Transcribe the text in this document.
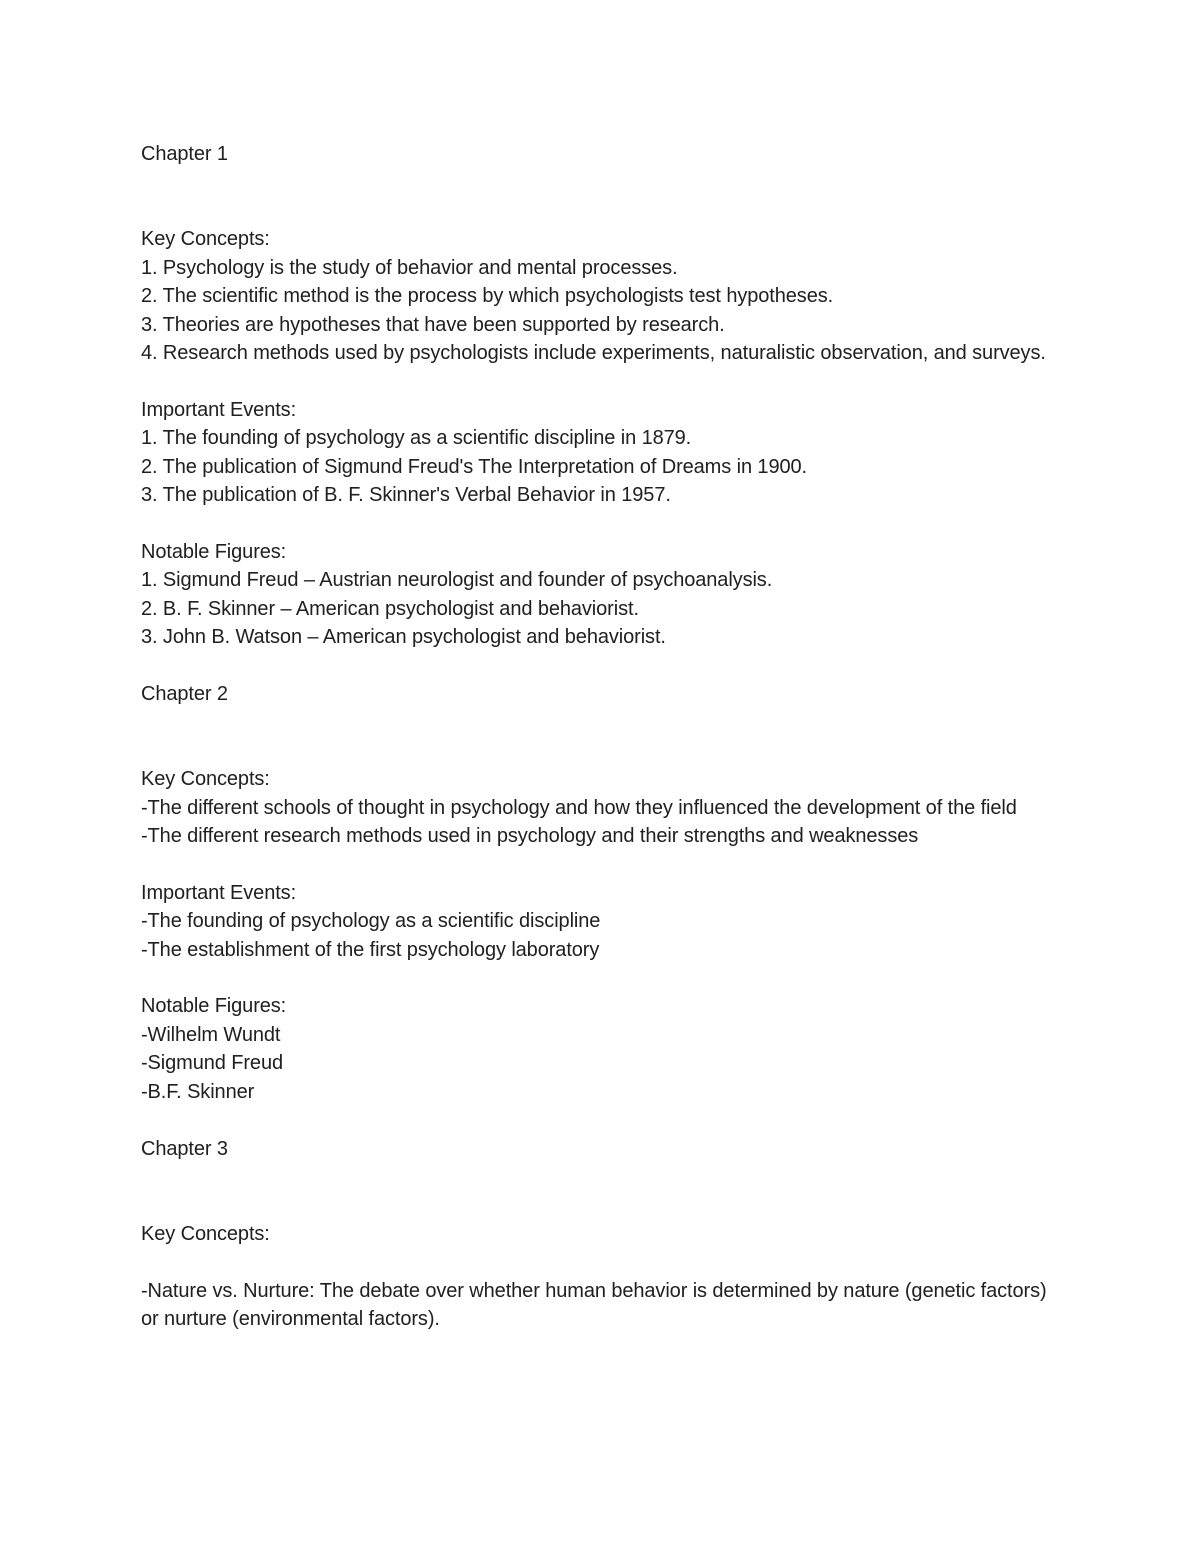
Chapter 1
Key Concepts:
1. Psychology is the study of behavior and mental processes.
2. The scientific method is the process by which psychologists test hypotheses.
3. Theories are hypotheses that have been supported by research.
4. Research methods used by psychologists include experiments, naturalistic observation, and surveys.
Important Events:
1. The founding of psychology as a scientific discipline in 1879.
2. The publication of Sigmund Freud's The Interpretation of Dreams in 1900.
3. The publication of B. F. Skinner's Verbal Behavior in 1957.
Notable Figures:
1. Sigmund Freud – Austrian neurologist and founder of psychoanalysis.
2. B. F. Skinner – American psychologist and behaviorist.
3. John B. Watson – American psychologist and behaviorist.
Chapter 2
Key Concepts:
-The different schools of thought in psychology and how they influenced the development of the field
-The different research methods used in psychology and their strengths and weaknesses
Important Events:
-The founding of psychology as a scientific discipline
-The establishment of the first psychology laboratory
Notable Figures:
-Wilhelm Wundt
-Sigmund Freud
-B.F. Skinner
Chapter 3
Key Concepts:
-Nature vs. Nurture: The debate over whether human behavior is determined by nature (genetic factors) or nurture (environmental factors).
